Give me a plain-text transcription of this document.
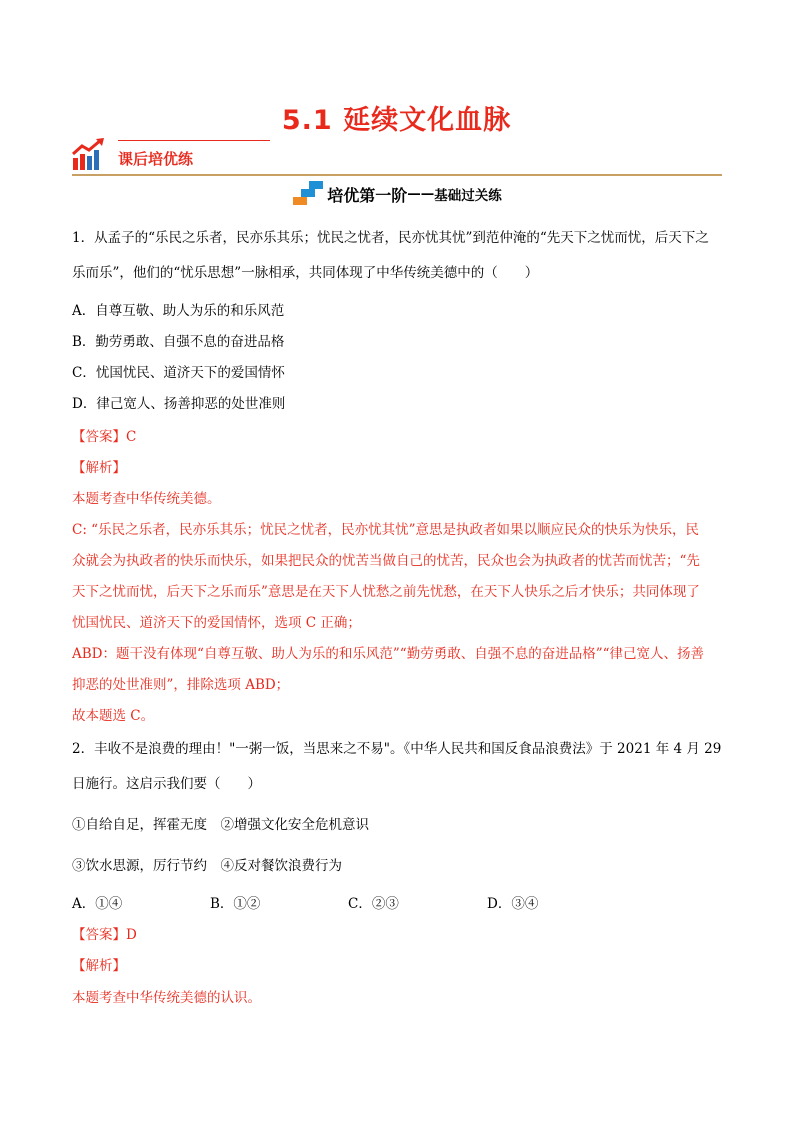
5.1 延续文化血脉
课后培优练
培优第一阶 —— 基础过关练
1．从孟子的“乐民之乐者，民亦乐其乐；忧民之忧者，民亦忧其忧”到范仲淹的“先天下之忧而忧，后天下之
乐而乐”，他们的“忧乐思想”一脉相承，共同体现了中华传统美德中的（　　）
A．自尊互敬、助人为乐的和乐风范
B．勤劳勇敢、自强不息的奋进品格
C．忧国忧民、道济天下的爱国情怀
D．律己宽人、扬善抑恶的处世准则
【答案】C
【解析】
本题考查中华传统美德。
C: “乐民之乐者，民亦乐其乐；忧民之忧者，民亦忧其忧”意思是执政者如果以顺应民众的快乐为快乐，民
众就会为执政者的快乐而快乐，如果把民众的忧苦当做自己的忧苦，民众也会为执政者的忧苦而忧苦；“先
天下之忧而忧，后天下之乐而乐”意思是在天下人忧愁之前先忧愁，在天下人快乐之后才快乐；共同体现了
忧国忧民、道济天下的爱国情怀，选项 C 正确；
ABD：题干没有体现“自尊互敬、助人为乐的和乐风范”“勤劳勇敢、自强不息的奋进品格”“律己宽人、扬善
抑恶的处世准则”，排除选项 ABD；
故本题选 C。
2．丰收不是浪费的理由！"一粥一饭，当思来之不易"。《中华人民共和国反食品浪费法》于 2021 年 4 月 29
日施行。这启示我们要（　　）
①自给自足，挥霍无度　②增强文化安全危机意识
③饮水思源，厉行节约　④反对餐饮浪费行为
A．①④	B．①②	C．②③	D．③④
【答案】D
【解析】
本题考查中华传统美德的认识。
